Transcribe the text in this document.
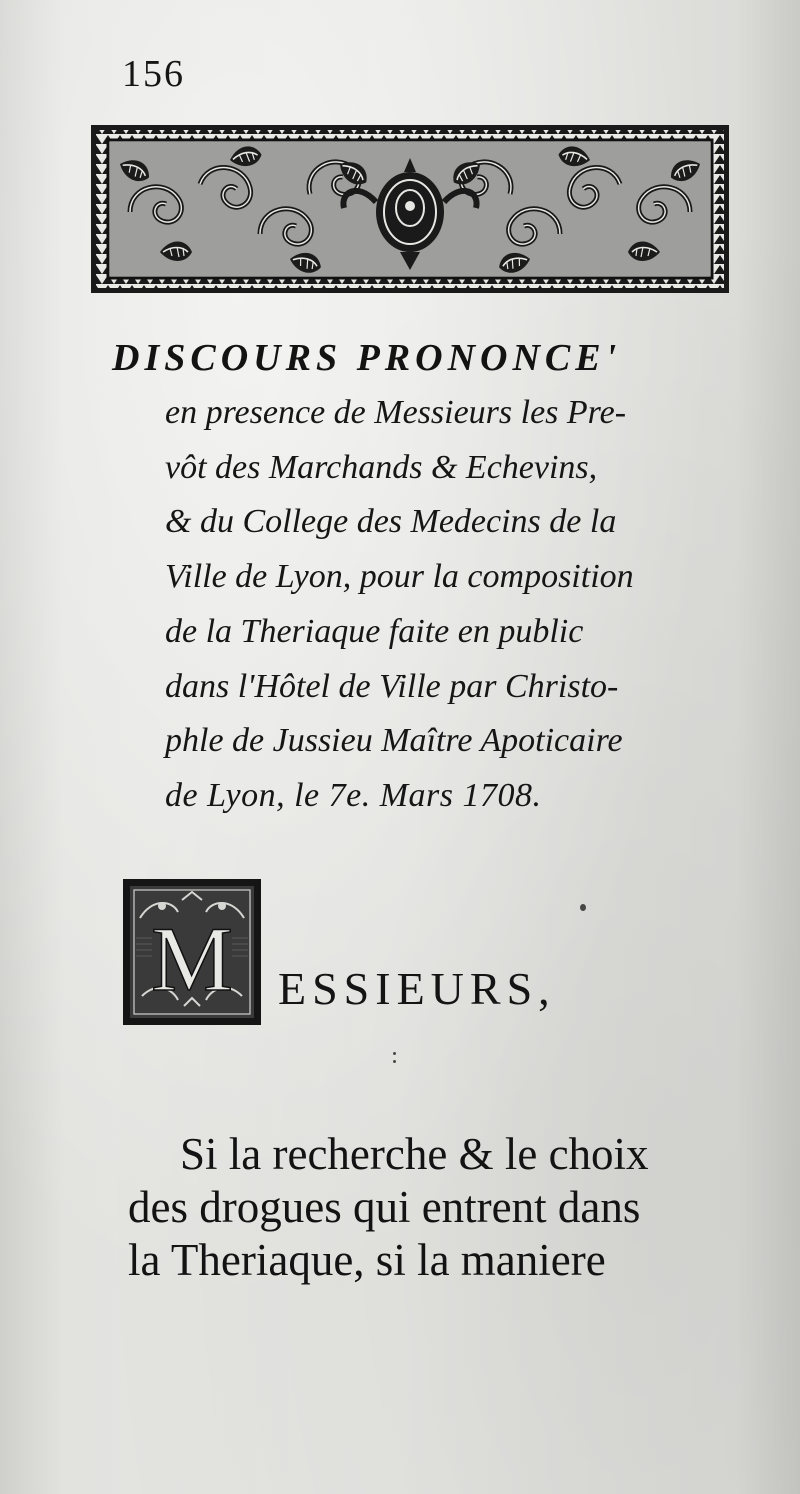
156
DISCOURS PRONONCE'
en presence de Messieurs les Pre-
vôt des Marchands & Echevins,
& du College des Medecins de la
Ville de Lyon, pour la composition
de la Theriaque faite en public
dans l'Hôtel de Ville par Christo-
phle de Jussieu Maître Apoticaire
de Lyon, le 7e. Mars 1708.
M ESSIEURS,
Si la recherche & le choix
des drogues qui entrent dans
la Theriaque, si la maniere
